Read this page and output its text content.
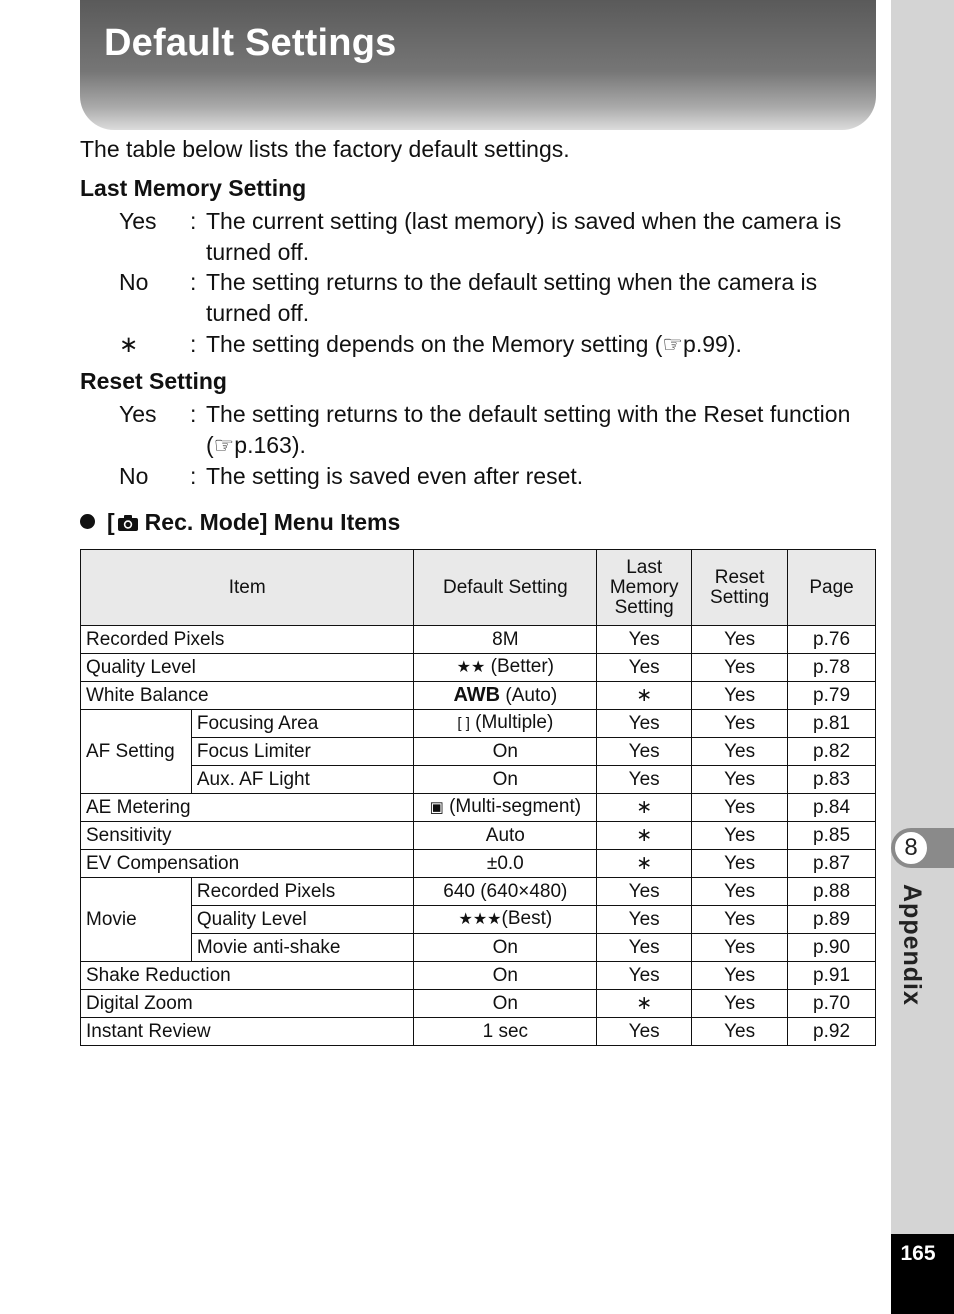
Default Settings
8
Appendix
165
The table below lists the factory default settings.
Last Memory Setting
Yes : The current setting (last memory) is saved when the camera is turned off.
No : The setting returns to the default setting when the camera is turned off.
∗ : The setting depends on the Memory setting (☞p.99).
Reset Setting
Yes : The setting returns to the default setting with the Reset function (☞p.163).
No : The setting is saved even after reset.
[ Rec. Mode] Menu Items
Item		Default Setting	Last Memory Setting	Reset Setting	Page
Recorded Pixels		8M	Yes	Yes	p.76
Quality Level		★★ (Better)	Yes	Yes	p.78
White Balance		AWB (Auto)	∗	Yes	p.79
AF Setting	Focusing Area	[ ] (Multiple)	Yes	Yes	p.81
	Focus Limiter	On	Yes	Yes	p.82
	Aux. AF Light	On	Yes	Yes	p.83
AE Metering		▣ (Multi-segment)	∗	Yes	p.84
Sensitivity		Auto	∗	Yes	p.85
EV Compensation		±0.0	∗	Yes	p.87
Movie	Recorded Pixels	640 (640×480)	Yes	Yes	p.88
	Quality Level	★★★(Best)	Yes	Yes	p.89
	Movie anti-shake	On	Yes	Yes	p.90
Shake Reduction		On	Yes	Yes	p.91
Digital Zoom		On	∗	Yes	p.70
Instant Review		1 sec	Yes	Yes	p.92
